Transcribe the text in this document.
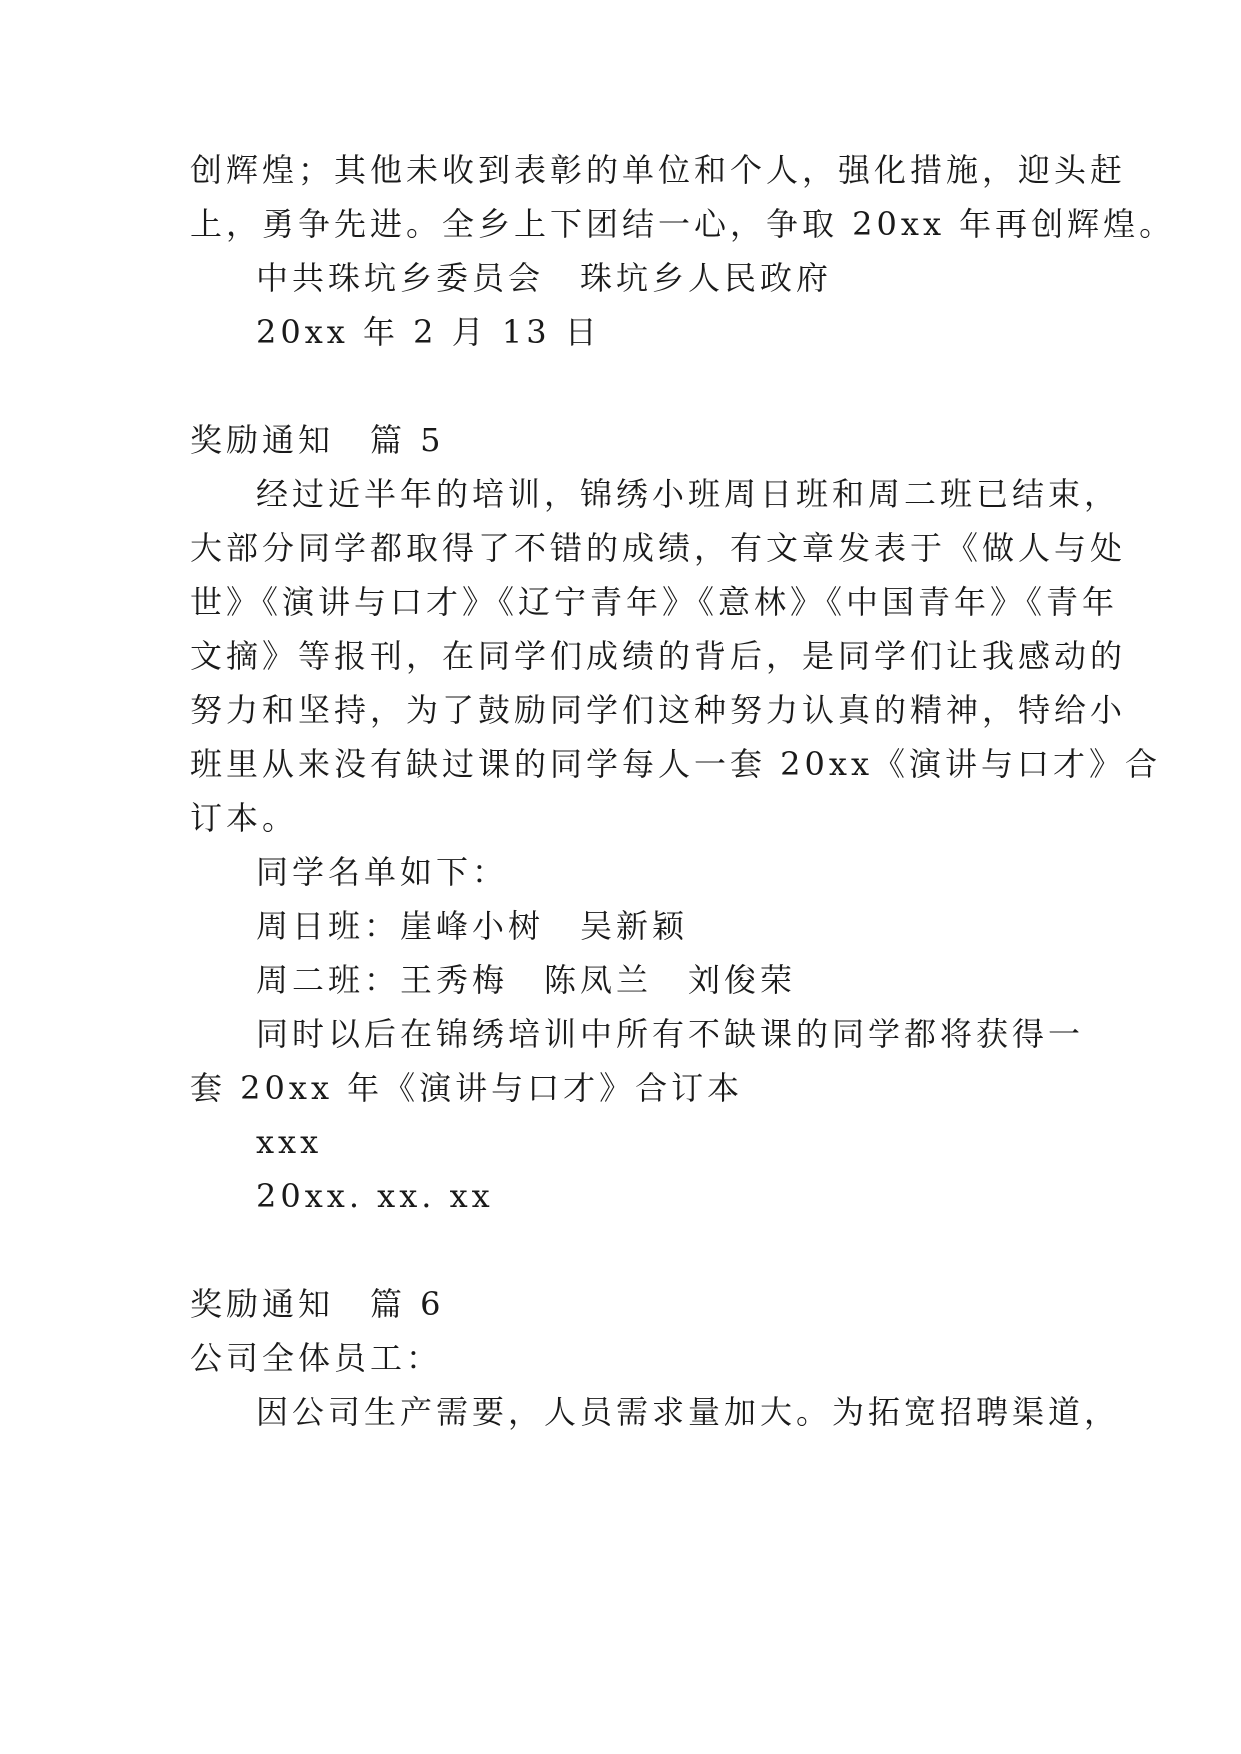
创辉煌；其他未收到表彰的单位和个人，强化措施，迎头赶
上，勇争先进。全乡上下团结一心，争取 20xx 年再创辉煌。
中共珠坑乡委员会　珠坑乡人民政府
20xx 年 2 月 13 日
奖励通知　篇 5
经过近半年的培训，锦绣小班周日班和周二班已结束，
大部分同学都取得了不错的成绩，有文章发表于《做人与处
世》《演讲与口才》《辽宁青年》《意林》《中国青年》《青年
文摘》等报刊，在同学们成绩的背后，是同学们让我感动的
努力和坚持，为了鼓励同学们这种努力认真的精神，特给小
班里从来没有缺过课的同学每人一套 20xx《演讲与口才》合
订本。
同学名单如下：
周日班：崖峰小树　吴新颖
周二班：王秀梅　陈凤兰　刘俊荣
同时以后在锦绣培训中所有不缺课的同学都将获得一
套 20xx 年《演讲与口才》合订本
xxx
20xx. xx. xx
奖励通知　篇 6
公司全体员工：
因公司生产需要，人员需求量加大。为拓宽招聘渠道，
